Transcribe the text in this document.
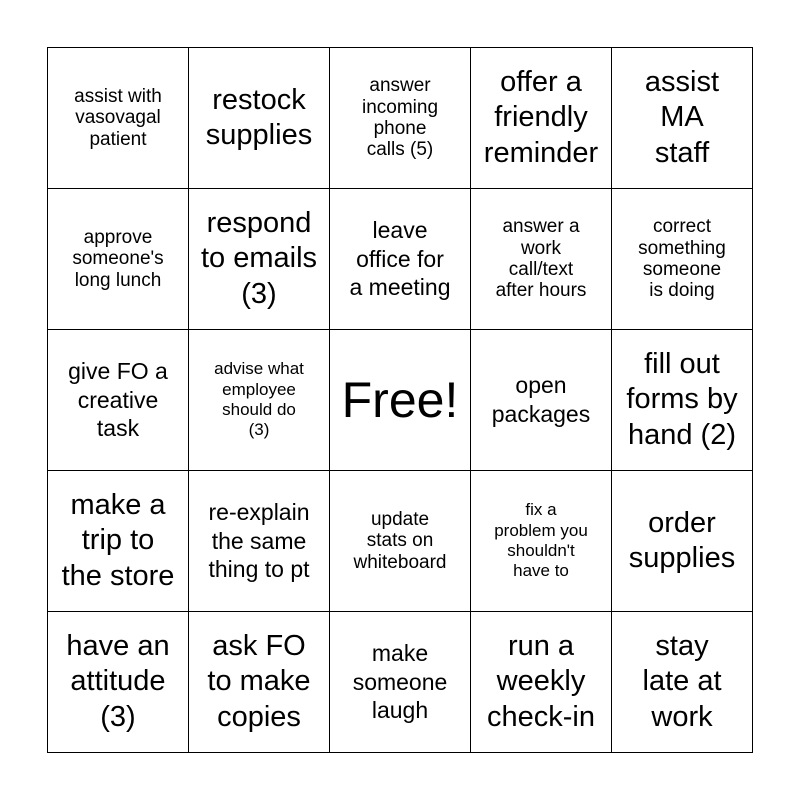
assist with
vasovagal
patient
restock
supplies
answer
incoming
phone
calls (5)
offer a
friendly
reminder
assist
MA
staff
approve
someone's
long lunch
respond
to emails
(3)
leave
office for
a meeting
answer a
work
call/text
after hours
correct
something
someone
is doing
give FO a
creative
task
advise what
employee
should do
(3)
Free!	open
packages
fill out
forms by
hand (2)
make a
trip to
the store
re-explain
the same
thing to pt
update
stats on
whiteboard
fix a
problem you
shouldn't
have to
order
supplies
have an
attitude
(3)
ask FO
to make
copies
make
someone
laugh
run a
weekly
check-in
stay
late at
work
